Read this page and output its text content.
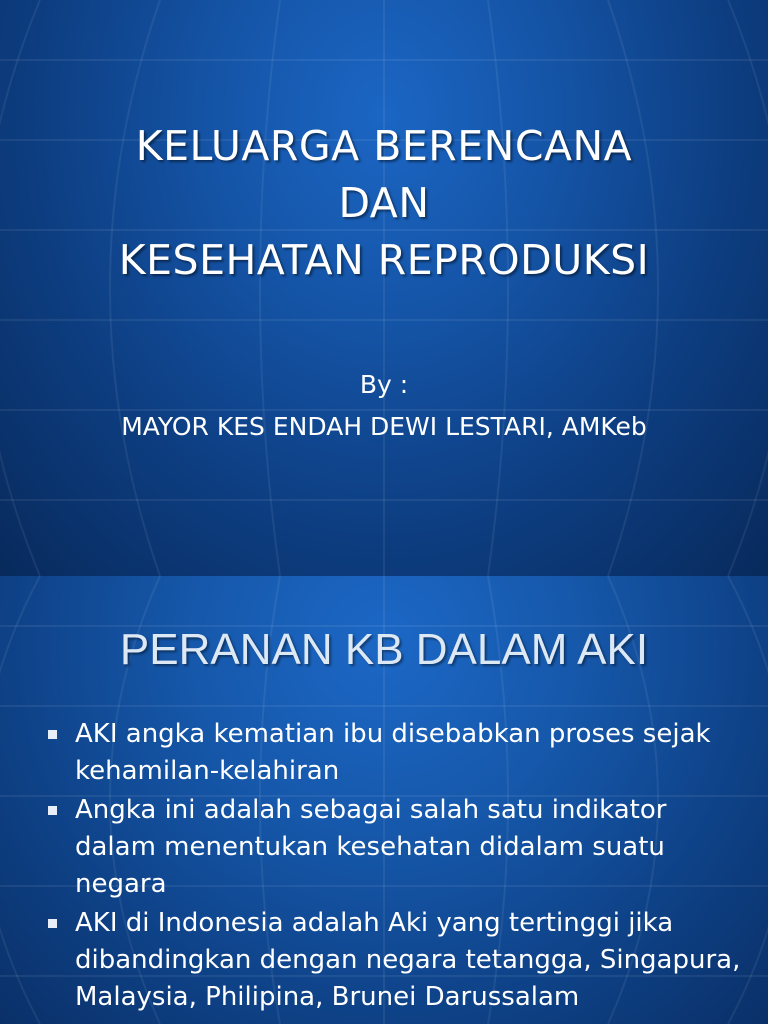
KELUARGA BERENCANA
DAN
KESEHATAN REPRODUKSI
By :
MAYOR KES ENDAH DEWI LESTARI, AMKeb
PERANAN KB DALAM AKI
AKI angka kematian ibu disebabkan proses sejak kehamilan-kelahiran
Angka ini adalah sebagai salah satu indikator dalam menentukan kesehatan didalam suatu negara
AKI di Indonesia adalah Aki yang tertinggi jika dibandingkan dengan negara tetangga, Singapura, Malaysia, Philipina, Brunei Darussalam
